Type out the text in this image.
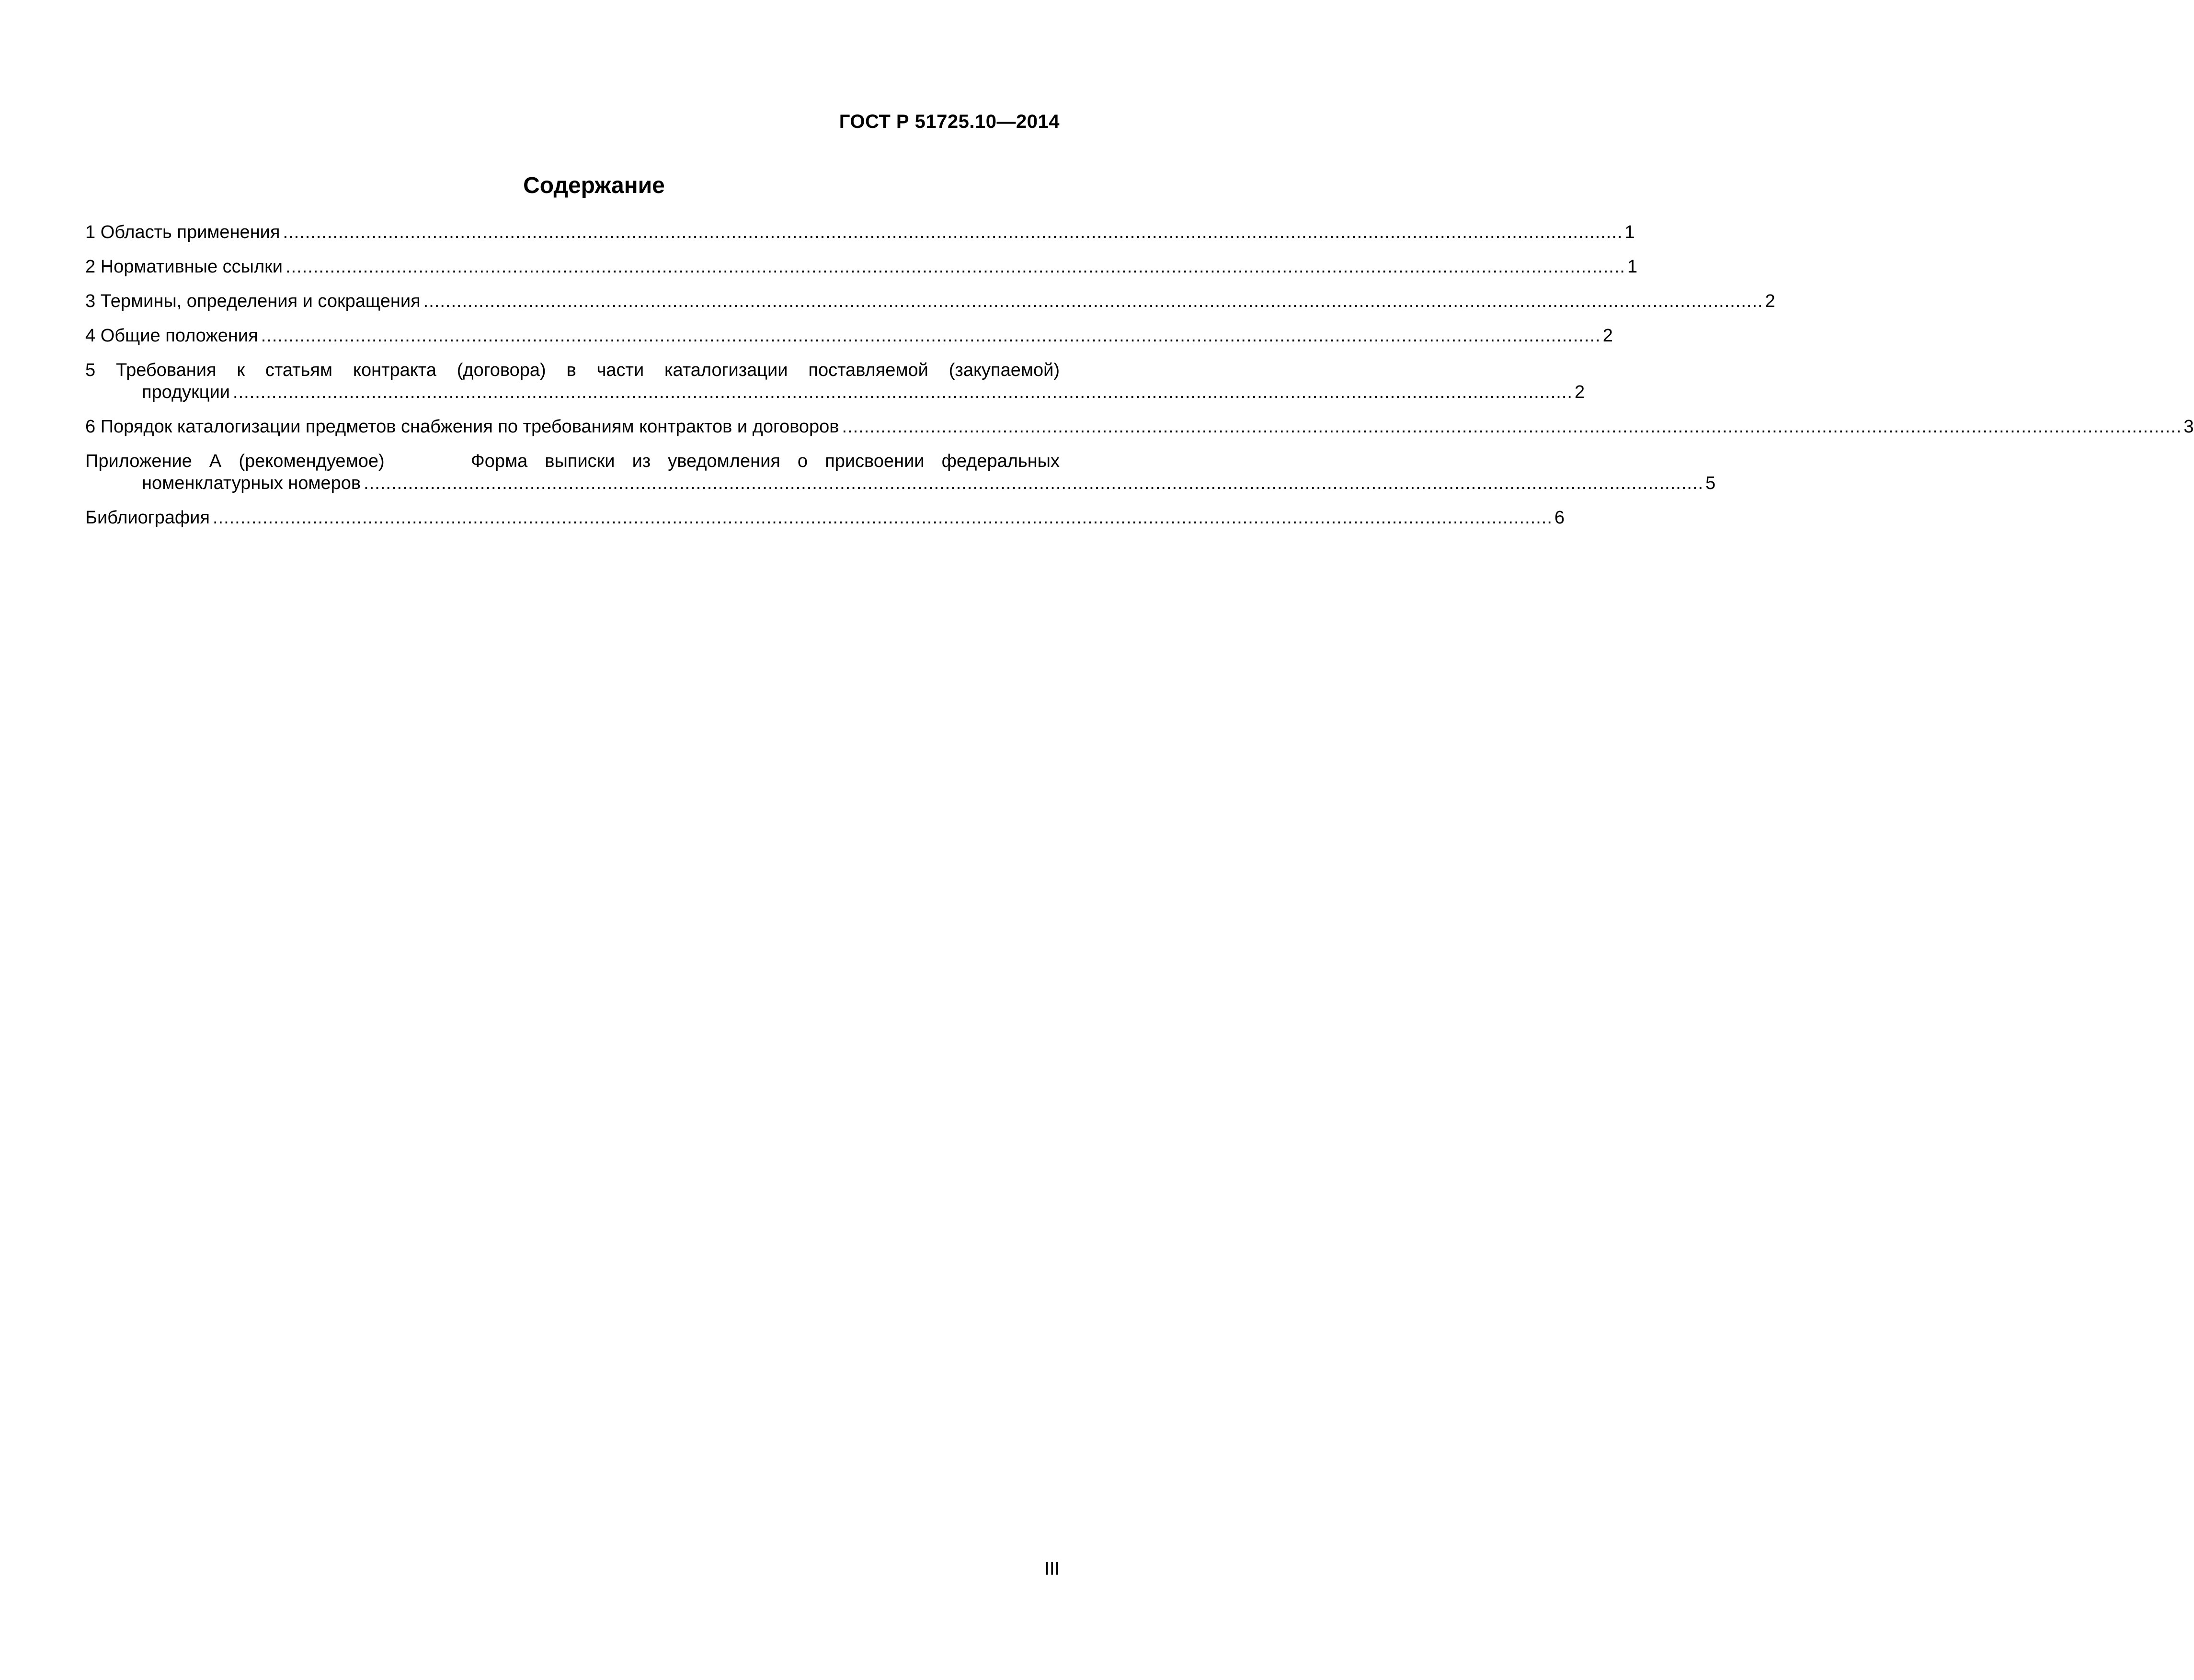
ГОСТ Р 51725.10—2014
Содержание
1 Область применения .................................................................................................................................................................................................................................................. 1
2 Нормативные ссылки .................................................................................................................................................................................................................................................. 1
3 Термины, определения и сокращения .................................................................................................................................................................................................................................................. 2
4 Общие положения .................................................................................................................................................................................................................................................. 2
5 Требования к статьям контракта (договора) в части каталогизации поставляемой (закупаемой)
продукции .................................................................................................................................................................................................................................................. 2
6 Порядок каталогизации предметов снабжения по требованиям контрактов и договоров .................................................................................................................................................................................................................................................. 3
Приложение А (рекомендуемое)     Форма выписки из уведомления о присвоении федеральных
номенклатурных номеров .................................................................................................................................................................................................................................................. 5
Библиография .................................................................................................................................................................................................................................................. 6
III
